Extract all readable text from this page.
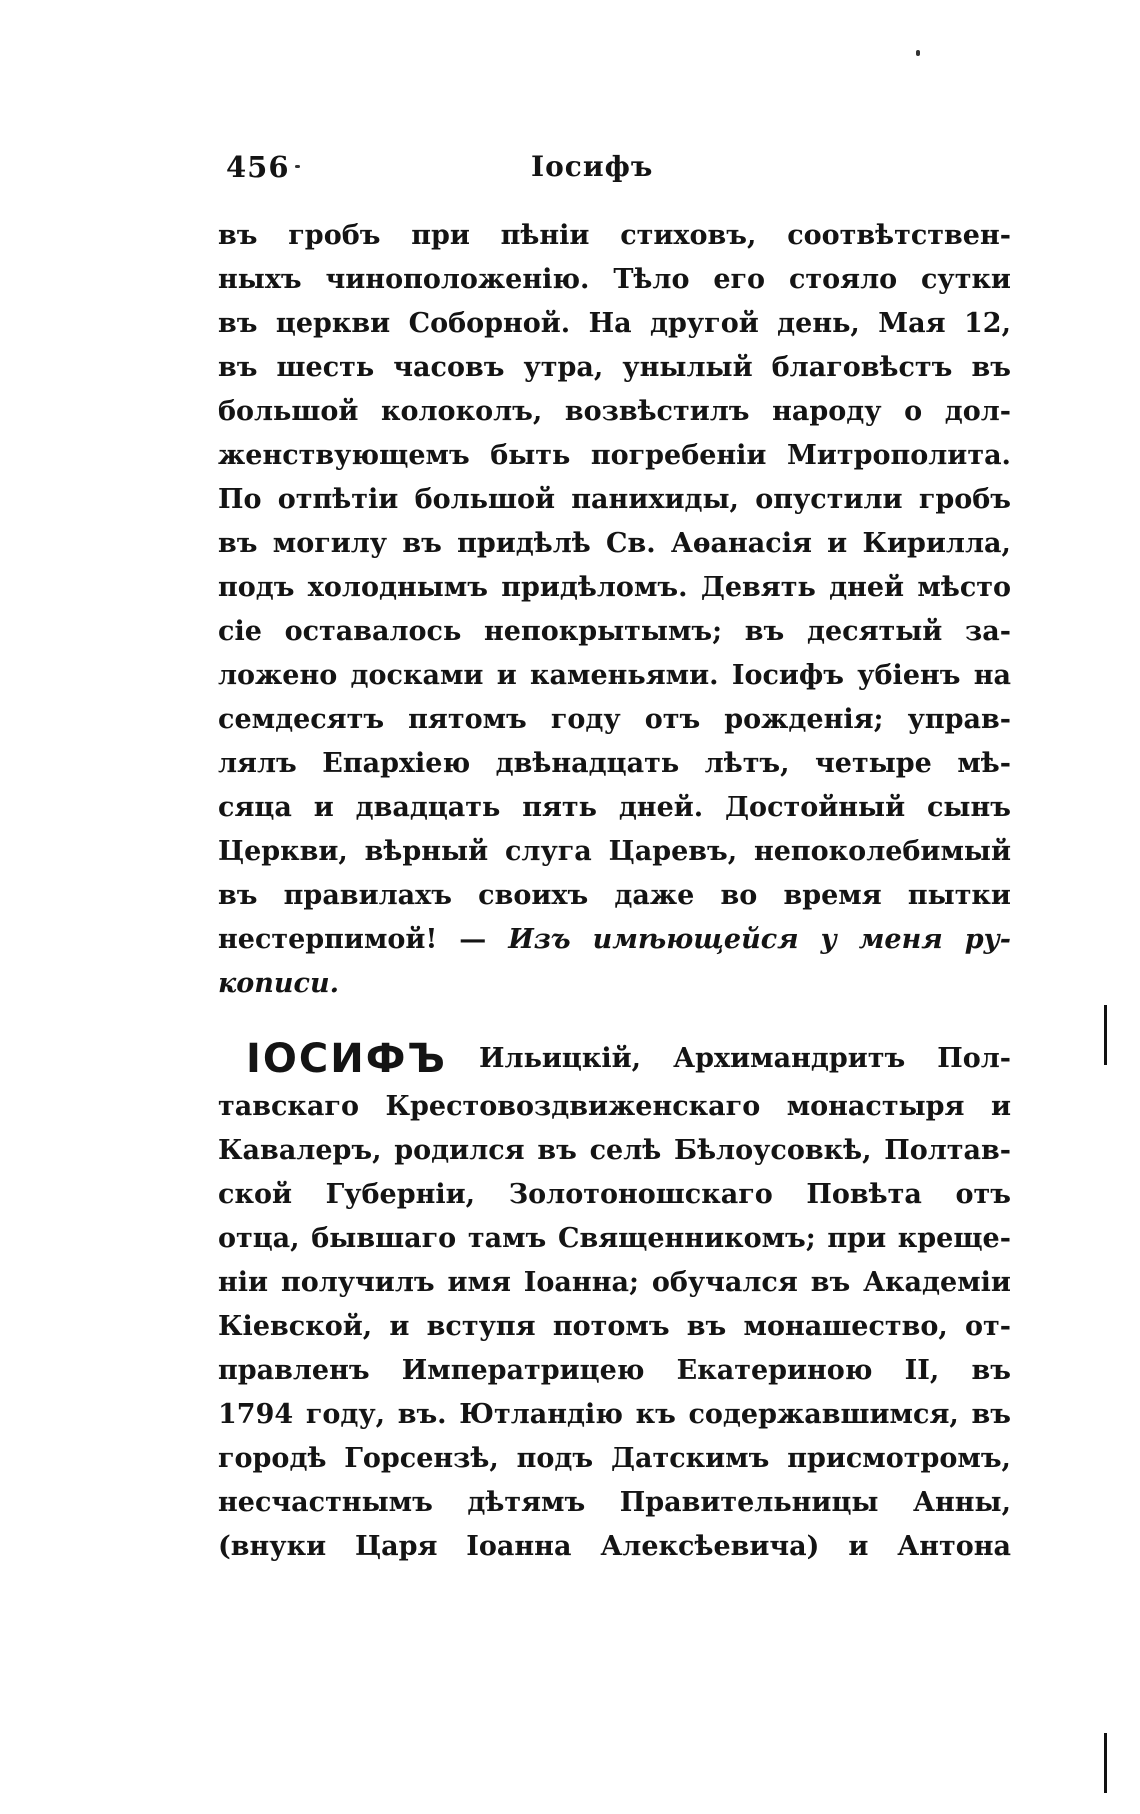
456	Іосифъ
въ гробъ при пѣніи стиховъ, соотвѣтствен-
ныхъ чиноположенію. Тѣло его стояло сутки
въ церкви Соборной. На другой день, Мая 12,
въ шесть часовъ утра, унылый благовѣстъ въ
большой колоколъ, возвѣстилъ народу о дол-
женствующемъ быть погребеніи Митрополита.
По отпѣтіи большой панихиды, опустили гробъ
въ могилу въ придѣлѣ Св. Аѳанасія и Кирилла,
подъ холоднымъ придѣломъ. Девять дней мѣсто
сіе оставалось непокрытымъ; въ десятый за-
ложено досками и каменьями. Іосифъ убіенъ на
семдесятъ пятомъ году отъ рожденія; управ-
лялъ Епархіею двѣнадцать лѣтъ, четыре мѣ-
сяца и двадцать пять дней. Достойный сынъ
Церкви, вѣрный слуга Царевъ, непоколебимый
въ правилахъ своихъ даже во время пытки
нестерпимой! — Изъ имѣющейся у меня ру-
кописи.
ІОСИФЪ Ильицкій, Архимандритъ Пол-
тавскаго Крестовоздвиженскаго монастыря и
Кавалеръ, родился въ селѣ Бѣлоусовкѣ, Полтав-
ской Губерніи, Золотоношскаго Повѣта отъ
отца, бывшаго тамъ Священникомъ; при креще-
ніи получилъ имя Іоанна; обучался въ Академіи
Кіевской, и вступя потомъ въ монашество, от-
правленъ Императрицею Екатериною II, въ
1794 году, въ. Ютландію къ содержавшимся, въ
городѣ Горсензѣ, подъ Датскимъ присмотромъ,
несчастнымъ дѣтямъ Правительницы Анны,
(внуки Царя Іоанна Алексѣевича) и Антона
